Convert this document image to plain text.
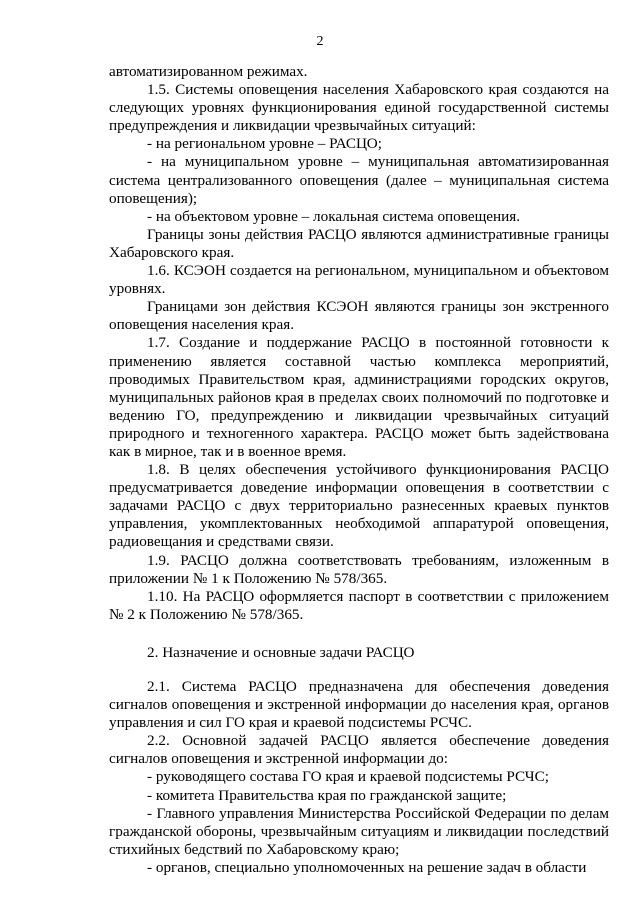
2

автоматизированном режимах.

1.5. Системы оповещения населения Хабаровского края создаются на следующих уровнях функционирования единой государственной системы предупреждения и ликвидации чрезвычайных ситуаций:

- на региональном уровне – РАСЦО;

- на муниципальном уровне – муниципальная автоматизированная система централизованного оповещения (далее – муниципальная система оповещения);

- на объектовом уровне – локальная система оповещения.

Границы зоны действия РАСЦО являются административные границы Хабаровского края.

1.6. КСЭОН создается на региональном, муниципальном и объектовом уровнях.

Границами зон действия КСЭОН являются границы зон экстренного оповещения населения края.

1.7. Создание и поддержание РАСЦО в постоянной готовности к применению является составной частью комплекса мероприятий, проводимых Правительством края, администрациями городских округов, муниципальных районов края в пределах своих полномочий по подготовке и ведению ГО, предупреждению и ликвидации чрезвычайных ситуаций природного и техногенного характера. РАСЦО может быть задействована как в мирное, так и в военное время.

1.8. В целях обеспечения устойчивого функционирования РАСЦО предусматривается доведение информации оповещения в соответствии с задачами РАСЦО с двух территориально разнесенных краевых пунктов управления, укомплектованных необходимой аппаратурой оповещения, радиовещания и средствами связи.

1.9. РАСЦО должна соответствовать требованиям, изложенным в приложении № 1 к Положению № 578/365.

1.10. На РАСЦО оформляется паспорт в соответствии с приложением № 2 к Положению № 578/365.

2. Назначение и основные задачи РАСЦО

2.1. Система РАСЦО предназначена для обеспечения доведения сигналов оповещения и экстренной информации до населения края, органов управления и сил ГО края и краевой подсистемы РСЧС.

2.2. Основной задачей РАСЦО является обеспечение доведения сигналов оповещения и экстренной информации до:

- руководящего состава ГО края и краевой подсистемы РСЧС;

- комитета Правительства края по гражданской защите;

- Главного управления Министерства Российской Федерации по делам гражданской обороны, чрезвычайным ситуациям и ликвидации последствий стихийных бедствий по Хабаровскому краю;

- органов, специально уполномоченных на решение задач в области
